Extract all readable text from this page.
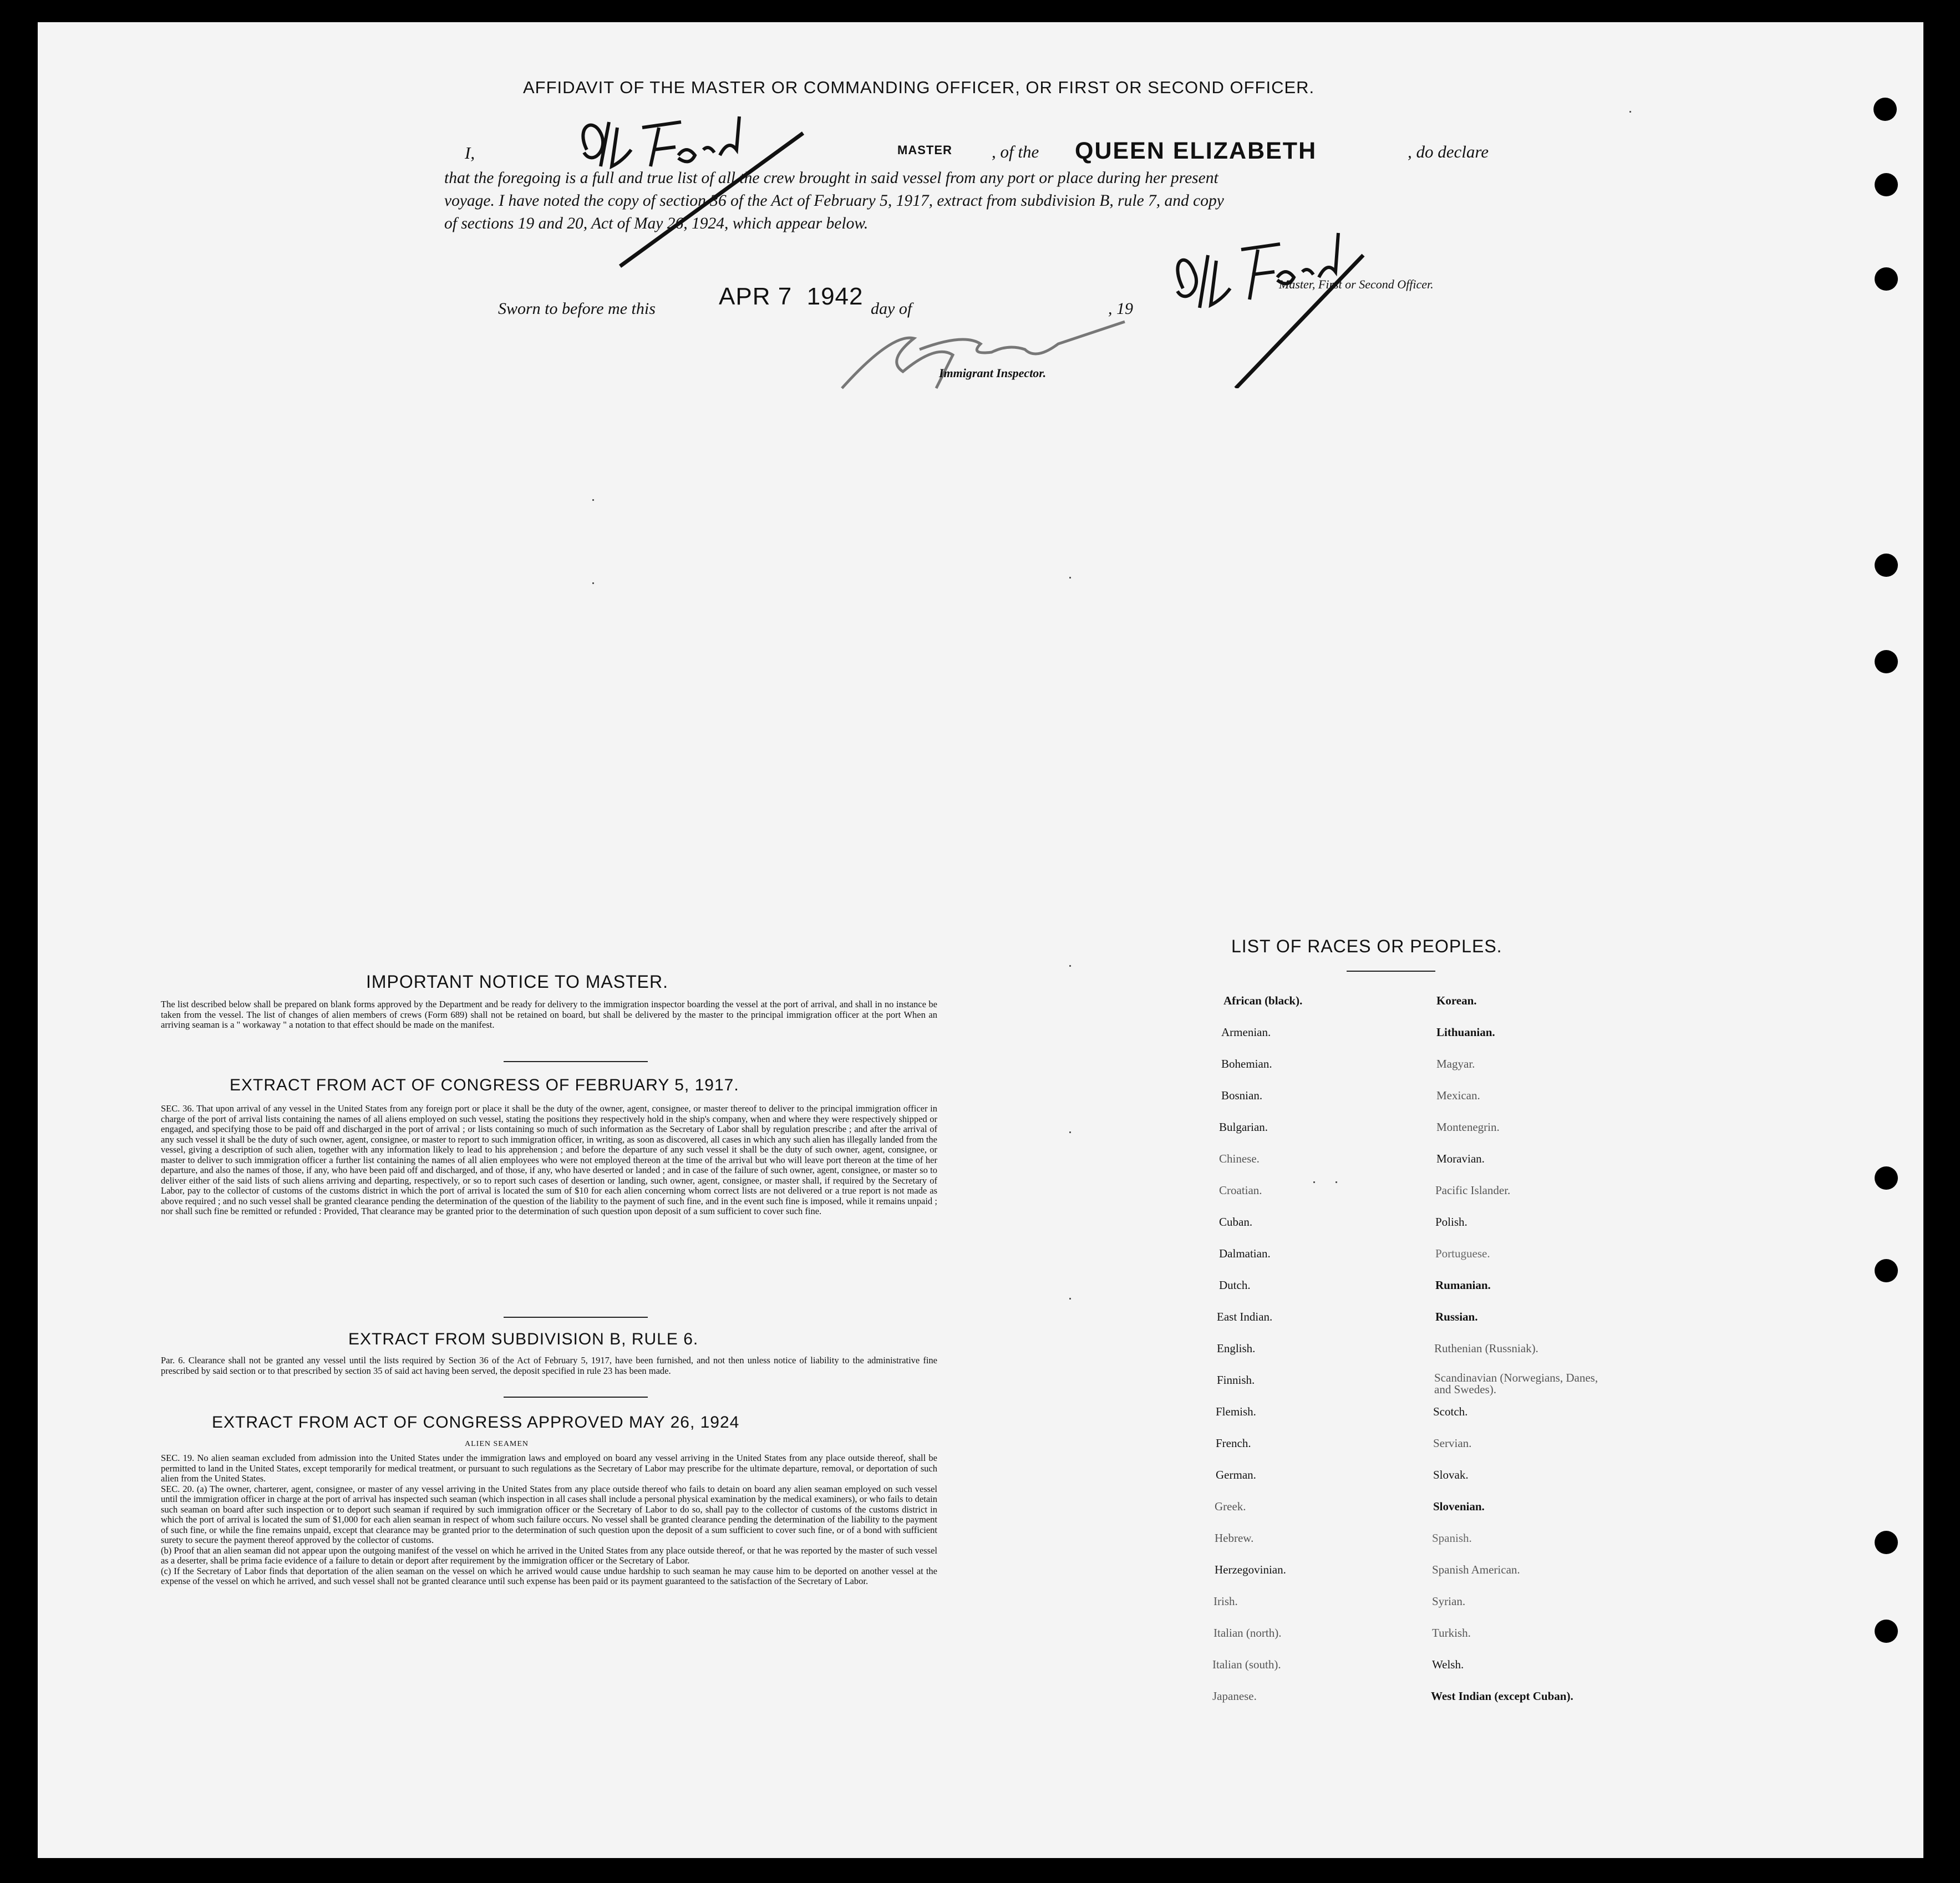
AFFIDAVIT OF THE MASTER OR COMMANDING OFFICER, OR FIRST OR SECOND OFFICER.
I,	MASTER , of the QUEEN ELIZABETH	, do declare
that the foregoing is a full and true list of all the crew brought in said vessel from any port or place during her present
voyage. I have noted the copy of section 36 of the Act of February 5, 1917, extract from subdivision B, rule 7, and copy
of sections 19 and 20, Act of May 26, 1924, which appear below.
Sworn to before me this	APR 7  1942 day of	, 19
Master, First or Second Officer.
Immigrant Inspector.
IMPORTANT NOTICE TO MASTER.
The list described below shall be prepared on blank forms approved by the Department and be ready for delivery to the immigration inspector boarding the vessel at the port of arrival, and shall in no instance be taken from the vessel. The list of changes of alien members of crews (Form 689) shall not be retained on board, but shall be delivered by the master to the principal immigration officer at the port When an arriving seaman is a " workaway " a notation to that effect should be made on the manifest.
EXTRACT FROM ACT OF CONGRESS OF FEBRUARY 5, 1917.
SEC. 36. That upon arrival of any vessel in the United States from any foreign port or place it shall be the duty of the owner, agent, consignee, or master thereof to deliver to the principal immigration officer in charge of the port of arrival lists containing the names of all aliens employed on such vessel, stating the positions they respectively hold in the ship's company, when and where they were respectively shipped or engaged, and specifying those to be paid off and discharged in the port of arrival ; or lists containing so much of such information as the Secretary of Labor shall by regulation prescribe ; and after the arrival of any such vessel it shall be the duty of such owner, agent, consignee, or master to report to such immigration officer, in writing, as soon as discovered, all cases in which any such alien has illegally landed from the vessel, giving a description of such alien, together with any information likely to lead to his apprehension ; and before the departure of any such vessel it shall be the duty of such owner, agent, consignee, or master to deliver to such immigration officer a further list containing the names of all alien employees who were not employed thereon at the time of the arrival but who will leave port thereon at the time of her departure, and also the names of those, if any, who have been paid off and discharged, and of those, if any, who have deserted or landed ; and in case of the failure of such owner, agent, consignee, or master so to deliver either of the said lists of such aliens arriving and departing, respectively, or so to report such cases of desertion or landing, such owner, agent, consignee, or master shall, if required by the Secretary of Labor, pay to the collector of customs of the customs district in which the port of arrival is located the sum of $10 for each alien concerning whom correct lists are not delivered or a true report is not made as above required ; and no such vessel shall be granted clearance pending the determination of the question of the liability to the payment of such fine, and in the event such fine is imposed, while it remains unpaid ; nor shall such fine be remitted or refunded : Provided, That clearance may be granted prior to the determination of such question upon deposit of a sum sufficient to cover such fine.
EXTRACT FROM SUBDIVISION B, RULE 6.
Par. 6. Clearance shall not be granted any vessel until the lists required by Section 36 of the Act of February 5, 1917, have been furnished, and not then unless notice of liability to the administrative fine prescribed by said section or to that prescribed by section 35 of said act having been served, the deposit specified in rule 23 has been made.
EXTRACT FROM ACT OF CONGRESS APPROVED MAY 26, 1924
ALIEN SEAMEN
SEC. 19. No alien seaman excluded from admission into the United States under the immigration laws and employed on board any vessel arriving in the United States from any place outside thereof, shall be permitted to land in the United States, except temporarily for medical treatment, or pursuant to such regulations as the Secretary of Labor may prescribe for the ultimate departure, removal, or deportation of such alien from the United States.
SEC. 20. (a) The owner, charterer, agent, consignee, or master of any vessel arriving in the United States from any place outside thereof who fails to detain on board any alien seaman employed on such vessel until the immigration officer in charge at the port of arrival has inspected such seaman (which inspection in all cases shall include a personal physical examination by the medical examiners), or who fails to detain such seaman on board after such inspection or to deport such seaman if required by such immigration officer or the Secretary of Labor to do so, shall pay to the collector of customs of the customs district in which the port of arrival is located the sum of $1,000 for each alien seaman in respect of whom such failure occurs. No vessel shall be granted clearance pending the determination of the liability to the payment of such fine, or while the fine remains unpaid, except that clearance may be granted prior to the determination of such question upon the deposit of a sum sufficient to cover such fine, or of a bond with sufficient surety to secure the payment thereof approved by the collector of customs.
(b) Proof that an alien seaman did not appear upon the outgoing manifest of the vessel on which he arrived in the United States from any place outside thereof, or that he was reported by the master of such vessel as a deserter, shall be prima facie evidence of a failure to detain or deport after requirement by the immigration officer or the Secretary of Labor.
(c) If the Secretary of Labor finds that deportation of the alien seaman on the vessel on which he arrived would cause undue hardship to such seaman he may cause him to be deported on another vessel at the expense of the vessel on which he arrived, and such vessel shall not be granted clearance until such expense has been paid or its payment guaranteed to the satisfaction of the Secretary of Labor.
LIST OF RACES OR PEOPLES.
African (black).
Armenian.
Bohemian.
Bosnian.
Bulgarian.
Chinese.
Croatian.
Cuban.
Dalmatian.
Dutch.
East Indian.
English.
Finnish.
Flemish.
French.
German.
Greek.
Hebrew.
Herzegovinian.
Irish.
Italian (north).
Italian (south).
Japanese.
Korean.
Lithuanian.
Magyar.
Mexican.
Montenegrin.
Moravian.
Pacific Islander.
Polish.
Portuguese.
Rumanian.
Russian.
Ruthenian (Russniak).
Scandinavian (Norwegians, Danes, and Swedes).
Scotch.
Servian.
Slovak.
Slovenian.
Spanish.
Spanish American.
Syrian.
Turkish.
Welsh.
West Indian (except Cuban).
